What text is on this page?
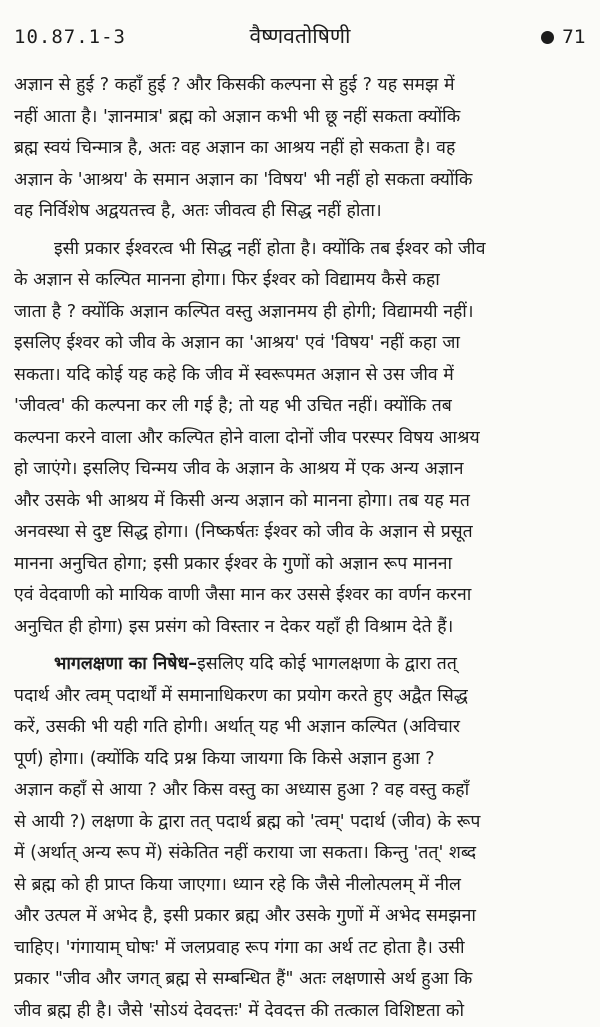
10.87.1-3	वैष्णवतोषिणी	71
अज्ञान से हुई ? कहाँ हुई ? और किसकी कल्पना से हुई ? यह समझ में
नहीं आता है। 'ज्ञानमात्र' ब्रह्म को अज्ञान कभी भी छू नहीं सकता क्योंकि
ब्रह्म स्वयं चिन्मात्र है, अतः वह अज्ञान का आश्रय नहीं हो सकता है। वह
अज्ञान के 'आश्रय' के समान अज्ञान का 'विषय' भी नहीं हो सकता क्योंकि
वह निर्विशेष अद्वयतत्त्व है, अतः जीवत्व ही सिद्ध नहीं होता।
इसी प्रकार ईश्वरत्व भी सिद्ध नहीं होता है। क्योंकि तब ईश्वर को जीव
के अज्ञान से कल्पित मानना होगा। फिर ईश्वर को विद्यामय कैसे कहा
जाता है ? क्योंकि अज्ञान कल्पित वस्तु अज्ञानमय ही होगी; विद्यामयी नहीं।
इसलिए ईश्वर को जीव के अज्ञान का 'आश्रय' एवं 'विषय' नहीं कहा जा
सकता। यदि कोई यह कहे कि जीव में स्वरूपमत अज्ञान से उस जीव में
'जीवत्व' की कल्पना कर ली गई है; तो यह भी उचित नहीं। क्योंकि तब
कल्पना करने वाला और कल्पित होने वाला दोनों जीव परस्पर विषय आश्रय
हो जाएंगे। इसलिए चिन्मय जीव के अज्ञान के आश्रय में एक अन्य अज्ञान
और उसके भी आश्रय में किसी अन्य अज्ञान को मानना होगा। तब यह मत
अनवस्था से दुष्ट सिद्ध होगा। (निष्कर्षतः ईश्वर को जीव के अज्ञान से प्रसूत
मानना अनुचित होगा; इसी प्रकार ईश्वर के गुणों को अज्ञान रूप मानना
एवं वेदवाणी को मायिक वाणी जैसा मान कर उससे ईश्वर का वर्णन करना
अनुचित ही होगा) इस प्रसंग को विस्तार न देकर यहाँ ही विश्राम देते हैं।
भागलक्षणा का निषेध–इसलिए यदि कोई भागलक्षणा के द्वारा तत्
पदार्थ और त्वम् पदार्थों में समानाधिकरण का प्रयोग करते हुए अद्वैत सिद्ध
करें, उसकी भी यही गति होगी। अर्थात् यह भी अज्ञान कल्पित (अविचार
पूर्ण) होगा। (क्योंकि यदि प्रश्न किया जायगा कि किसे अज्ञान हुआ ?
अज्ञान कहाँ से आया ? और किस वस्तु का अध्यास हुआ ? वह वस्तु कहाँ
से आयी ?) लक्षणा के द्वारा तत् पदार्थ ब्रह्म को 'त्वम्' पदार्थ (जीव) के रूप
में (अर्थात् अन्य रूप में) संकेतित नहीं कराया जा सकता। किन्तु 'तत्' शब्द
से ब्रह्म को ही प्राप्त किया जाएगा। ध्यान रहे कि जैसे नीलोत्पलम् में नील
और उत्पल में अभेद है, इसी प्रकार ब्रह्म और उसके गुणों में अभेद समझना
चाहिए। 'गंगायाम् घोषः' में जलप्रवाह रूप गंगा का अर्थ तट होता है। उसी
प्रकार "जीव और जगत् ब्रह्म से सम्बन्धित हैं" अतः लक्षणासे अर्थ हुआ कि
जीव ब्रह्म ही है। जैसे 'सोऽयं देवदत्तः' में देवदत्त की तत्काल विशिष्टता को
